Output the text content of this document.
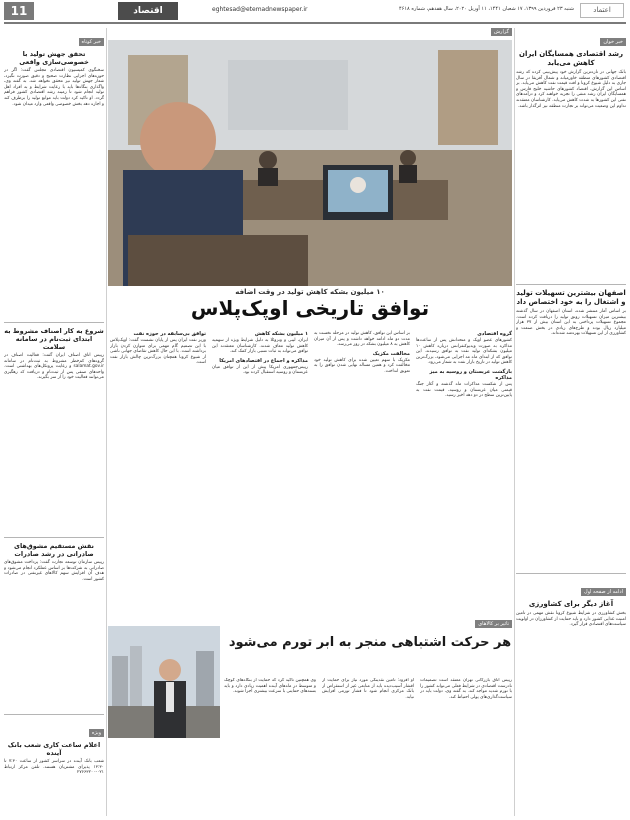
11	اقتصاد	eghtesad@etemadnewspaper.ir	شنبه ۲۳ فروردین ۱۳۹۹، ۱۷ شعبان ۱۴۴۱، ۱۱ آوریل ۲۰۲۰، سال هفدهم، شماره ۴۶۱۸	اعتماد
خبر کوتاه
تحقق جهش تولید با خصوصی‌سازی واقعی

سخنگوی کمیسیون اقتصادی مجلس گفت: اگر در حوزه‌های اجرایی نظارت صحیح و دقیق صورت نگیرد، شعار جهش تولید نیز محقق نخواهد شد. به گفته وی، واگذاری بنگاه‌ها باید با رعایت شرایط و به افراد اهل تولید انجام شود تا زمینه رشد اقتصادی کشور فراهم گردد. او تاکید کرد دولت باید موانع تولید را برطرف کند و اجازه دهد بخش خصوصی واقعی وارد میدان شود.

شروع به کار اصناف مشروط به ابتدای ثبت‌نام در سامانه سلامت

رییس اتاق اصناف ایران گفت: فعالیت اصناف در گروه‌های کم‌خطر مشروط به ثبت‌نام در سامانه salamat.gov.ir و رعایت پروتکل‌های بهداشتی است. واحدهای صنفی پس از ثبت‌نام و دریافت کد رهگیری می‌توانند فعالیت خود را از سر بگیرند.

نقش مستقیم مشوق‌های صادراتی در رشد صادرات

رییس سازمان توسعه تجارت گفت: پرداخت مشوق‌های صادراتی به شرکت‌ها بر اساس عملکرد انجام می‌شود و هدف آن افزایش سهم کالاهای غیرنفتی در صادرات کشور است.

ویژه
اعلام ساعت کاری شعب بانک آینده

شعب بانک آینده در سراسر کشور از ساعت ۷:۳۰ تا ۱۳:۳۰ پذیرای مشتریان هستند. تلفن مرکز ارتباط ۰۲۱-۲۷۶۶۳۲۰۰

خبر خوان
رشد اقتصادی همسایگان ایران کاهش می‌یابد

بانک جهانی در تازه‌ترین گزارش خود پیش‌بینی کرده که رشد اقتصادی کشورهای منطقه خاورمیانه و شمال آفریقا در سال جاری به دلیل شیوع کرونا و افت قیمت نفت کاهش می‌یابد. بر اساس این گزارش، اقتصاد کشورهای حاشیه خلیج فارس و همسایگان ایران رشد منفی را تجربه خواهند کرد و درآمدهای نفتی این کشورها به شدت کاهش می‌یابد. کارشناسان معتقدند تداوم این وضعیت می‌تواند بر تجارت منطقه نیز اثرگذار باشد.

اصفهان بیشترین تسهیلات تولید و اشتغال را به خود اختصاص داد

بر اساس آمار منتشر شده، استان اصفهان در سال گذشته بیشترین میزان تسهیلات رونق تولید را دریافت کرده است. مجموع تسهیلات پرداختی به این استان بیش از ۳۷ هزار میلیارد ریال بوده و طرح‌های زیادی در بخش صنعت و کشاورزی از این تسهیلات بهره‌مند شده‌اند.

ادامه از صفحه اول
آغاز دیگر برای کشاورزی

بخش کشاورزی در شرایط شیوع کرونا نقش مهمی در تامین امنیت غذایی کشور دارد و باید حمایت از کشاورزان در اولویت سیاست‌های اقتصادی قرار گیرد.

گزارش
۱۰ میلیون بشکه کاهش تولید در وقت اضافه
توافق تاریخی اوپک‌پلاس
گروه اقتصادی

کشورهای عضو اوپک و متحدانش پس از ساعت‌ها مذاکره به صورت ویدیوکنفرانس درباره کاهش ۱۰ میلیون بشکه‌ای تولید نفت به توافق رسیدند. این توافق که از ابتدای ماه مه اجرایی می‌شود، بزرگ‌ترین کاهش تولید در تاریخ بازار نفت به شمار می‌رود.

بازگشت عربستان و روسیه به میز مذاکره

پس از شکست مذاکرات ماه گذشته و آغاز جنگ قیمتی میان عربستان و روسیه، قیمت نفت به پایین‌ترین سطح در دو دهه اخیر رسید.

بر اساس این توافق، کاهش تولید در مرحله نخست به مدت دو ماه ادامه خواهد داشت و پس از آن میزان کاهش به ۸ میلیون بشکه در روز می‌رسد.

مخالفت مکزیک

مکزیک با سهم تعیین شده برای کاهش تولید خود مخالفت کرد و همین مساله نهایی شدن توافق را به تعویق انداخت.

۱ میلیون بشکه کاهش

ایران، لیبی و ونزوئلا به دلیل شرایط ویژه از سهمیه کاهش تولید معاف شدند. کارشناسان معتقدند این توافق می‌تواند به ثبات نسبی بازار کمک کند.

مذاکره و اجماع در اقتصادهای امریکا

رییس‌جمهوری امریکا پیش از این از توافق میان عربستان و روسیه استقبال کرده بود.

توافق بی‌سابقه در حوزه نفت

وزیر نفت ایران پس از پایان نشست گفت: اوپک‌پلاس با این تصمیم گام مهمی برای متوازن کردن بازار برداشته است. با این حال کاهش تقاضای جهانی ناشی از شیوع کرونا همچنان بزرگ‌ترین چالش بازار نفت است.

تاثیر بر کالاهای
هر حرکت اشتباهی منجر به ابر تورم می‌شود

رییس اتاق بازرگانی تهران معتقد است تصمیمات نادرست اقتصادی در شرایط فعلی می‌تواند کشور را با تورم شدید مواجه کند. به گفته وی، دولت باید در سیاست‌گذاری‌های پولی احتیاط کند.

او افزود: تامین نقدینگی مورد نیاز برای حمایت از اقشار آسیب‌دیده باید از منابعی غیر از استقراض از بانک مرکزی انجام شود تا فشار تورمی افزایش نیابد.

وی همچنین تاکید کرد که حمایت از بنگاه‌های کوچک و متوسط در ماه‌های آینده اهمیت زیادی دارد و باید بسته‌های حمایتی با سرعت بیشتری اجرا شوند.
